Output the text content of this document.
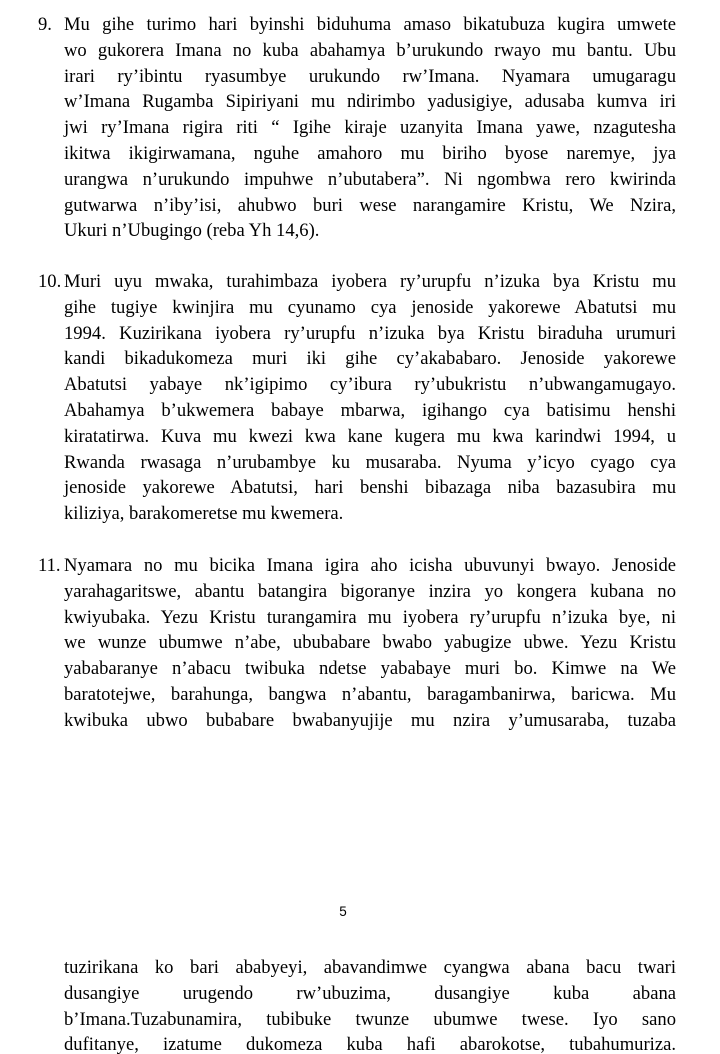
9. Mu gihe turimo hari byinshi biduhuma amaso bikatubuza kugira umwete
wo gukorera Imana no kuba abahamya b’urukundo rwayo mu bantu. Ubu
irari ry’ibintu ryasumbye urukundo rw’Imana. Nyamara umugaragu
w’Imana Rugamba Sipiriyani mu ndirimbo yadusigiye, adusaba kumva iri
jwi ry’Imana rigira riti “ Igihe kiraje uzanyita Imana yawe, nzagutesha
ikitwa ikigirwamana, nguhe amahoro mu biriho byose naremye, jya
urangwa n’urukundo impuhwe n’ubutabera”. Ni ngombwa rero kwirinda
gutwarwa n’iby’isi, ahubwo buri wese narangamire Kristu, We Nzira,
Ukuri n’Ubugingo (reba Yh 14,6).
10. Muri uyu mwaka, turahimbaza iyobera ry’urupfu n’izuka bya Kristu mu
gihe tugiye kwinjira mu cyunamo cya jenoside yakorewe Abatutsi mu
1994. Kuzirikana iyobera ry’urupfu n’izuka bya Kristu biraduha urumuri
kandi bikadukomeza muri iki gihe cy’akababaro. Jenoside yakorewe
Abatutsi yabaye nk’igipimo cy’ibura ry’ubukristu n’ubwangamugayo.
Abahamya b’ukwemera babaye mbarwa, igihango cya batisimu henshi
kiratatirwa. Kuva mu kwezi kwa kane kugera mu kwa karindwi 1994, u
Rwanda rwasaga n’urubambye ku musaraba. Nyuma y’icyo cyago cya
jenoside yakorewe Abatutsi, hari benshi bibazaga niba bazasubira mu
kiliziya, barakomeretse mu kwemera.
11. Nyamara no mu bicika Imana igira aho icisha ubuvunyi bwayo. Jenoside
yarahagaritswe, abantu batangira bigoranye inzira yo kongera kubana no
kwiyubaka. Yezu Kristu turangamira mu iyobera ry’urupfu n’izuka bye, ni
we wunze ubumwe n’abe, ububabare bwabo yabugize ubwe. Yezu Kristu
yababaranye n’abacu twibuka ndetse yababaye muri bo. Kimwe na We
baratotejwe, barahunga, bangwa n’abantu, baragambanirwa, baricwa. Mu
kwibuka ubwo bubabare bwabanyujije mu nzira y’umusaraba, tuzaba
5
tuzirikana ko bari ababyeyi, abavandimwe cyangwa abana bacu twari
dusangiye urugendo rw’ubuzima, dusangiye kuba abana
b’Imana.Tuzabunamira, tubibuke twunze ubumwe twese. Iyo sano
dufitanye, izatume dukomeza kuba hafi abarokotse, tubahumuriza.
